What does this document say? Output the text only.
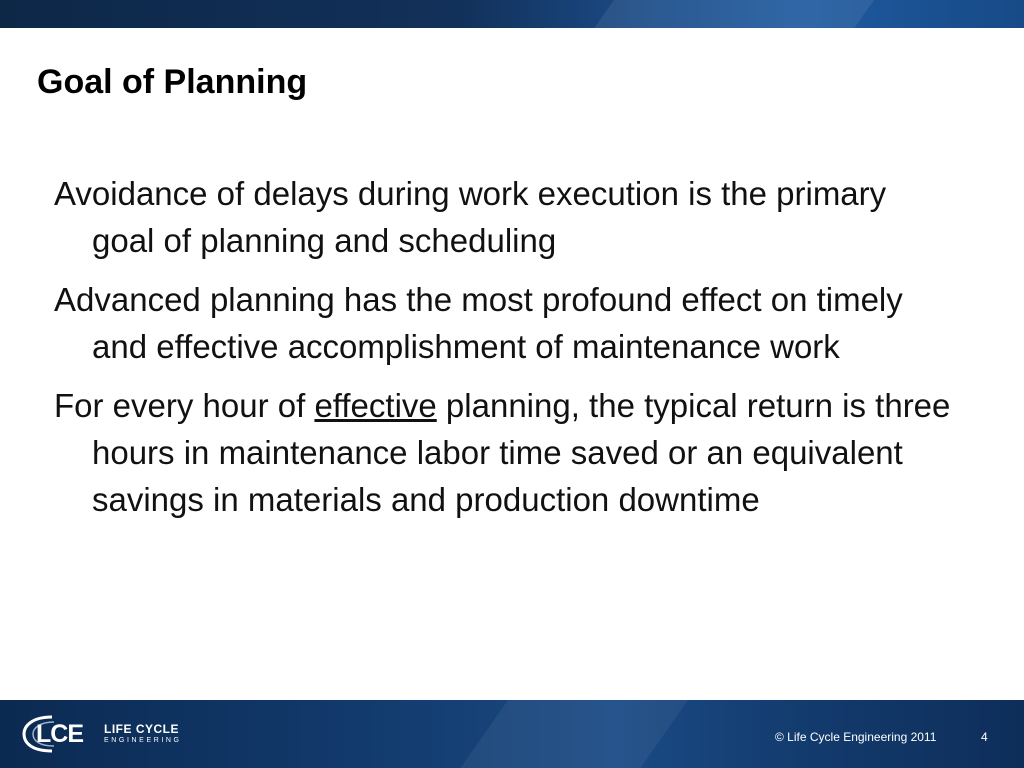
Goal of Planning

Avoidance of delays during work execution is the primary goal of planning and scheduling

Advanced planning has the most profound effect on timely and effective accomplishment of maintenance work

For every hour of effective planning, the typical return is three hours in maintenance labor time saved or an equivalent savings in materials and production downtime

LCE LIFE CYCLE
ENGINEERING	© Life Cycle Engineering 2011	4
